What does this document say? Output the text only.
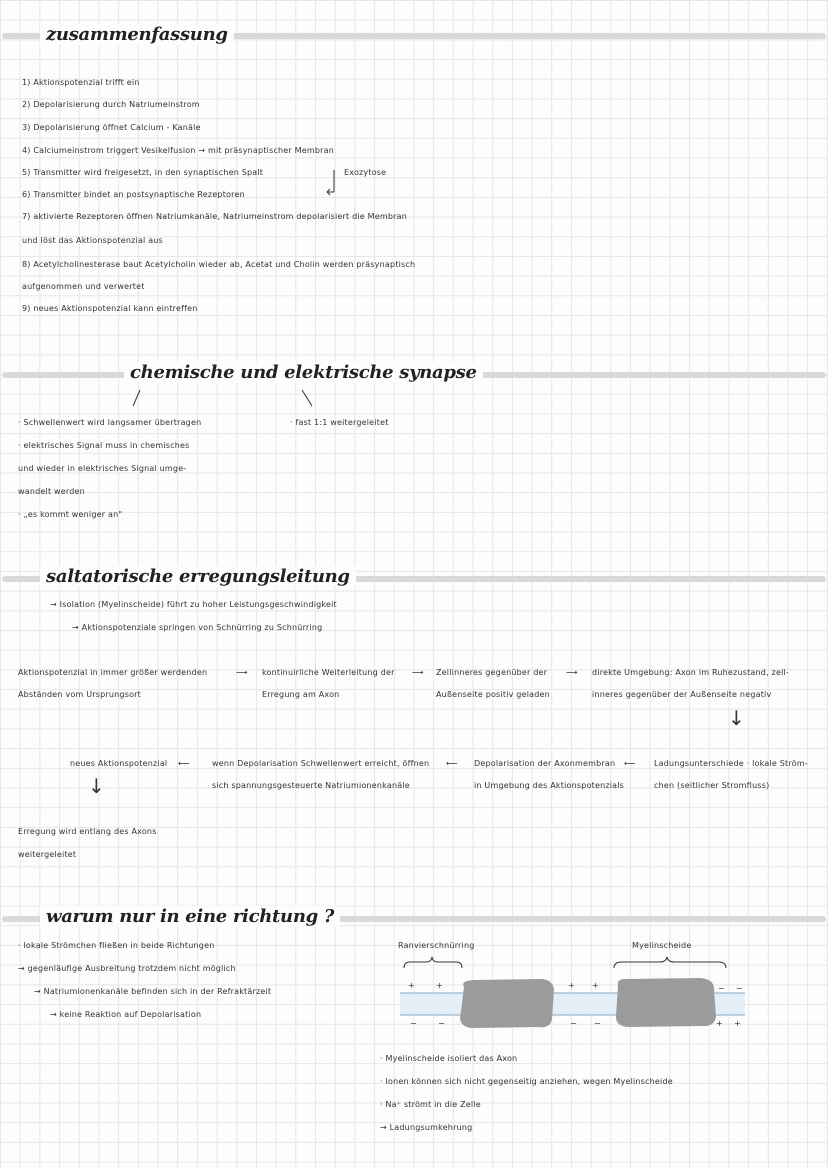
zusammenfassung
1) Aktionspotenzial trifft ein
2) Depolarisierung durch Natriumeinstrom
3) Depolarisierung öffnet Calcium - Kanäle
4) Calciumeinstrom triggert Vesikelfusion → mit präsynaptischer Membran
5) Transmitter wird freigesetzt, in den synaptischen Spalt
6) Transmitter bindet an postsynaptische Rezeptoren
Exozytose
7) aktivierte Rezeptoren öffnen Natriumkanäle, Natriumeinstrom depolarisiert die Membran
und löst das Aktionspotenzial aus
8) Acetylcholinesterase baut Acetylcholin wieder ab, Acetat und Cholin werden präsynaptisch
aufgenommen und verwertet
9) neues Aktionspotenzial kann eintreffen
chemische und elektrische synapse
· Schwellenwert wird langsamer übertragen
· elektrisches Signal muss in chemisches
und wieder in elektrisches Signal umge-
wandelt werden
· „es kommt weniger an"
· fast 1:1 weitergeleitet
saltatorische erregungsleitung
→ Isolation (Myelinscheide) führt zu hoher Leistungsgeschwindigkeit
→ Aktionspotenziale springen von Schnürring zu Schnürring
Aktionspotenzial in immer größer werdenden
Abständen vom Ursprungsort
⟶ kontinuirliche Weiterleitung der
Erregung am Axon
⟶ Zellinneres gegenüber der
Außenseite positiv geladen
⟶ direkte Umgebung: Axon im Ruhezustand, zell-
inneres gegenüber der Außenseite negativ
↓
neues Aktionspotenzial ⟵	wenn Depolarisation Schwellenwert erreicht, öffnen
sich spannungsgesteuerte Natriumionenkanäle
⟵ Depolarisation der Axonmembran
in Umgebung des Aktionspotenzials
⟵ Ladungsunterschiede · lokale Ström-
chen (seitlicher Stromfluss)
↓
Erregung wird entlang des Axons
weitergeleitet
warum nur in eine richtung ?
· lokale Strömchen fließen in beide Richtungen
→ gegenläufige Ausbreitung trotzdem nicht möglich
→ Natriumionenkanäle befinden sich in der Refraktärzeit
→ keine Reaktion auf Depolarisation
Ranvierschnürring	Myelinscheide
+	+
−	−
+ +
− −
− −
+ +
· Myelinscheide isoliert das Axon
· Ionen können sich nicht gegenseitig anziehen, wegen Myelinscheide
· Na⁺ strömt in die Zelle
→ Ladungsumkehrung
